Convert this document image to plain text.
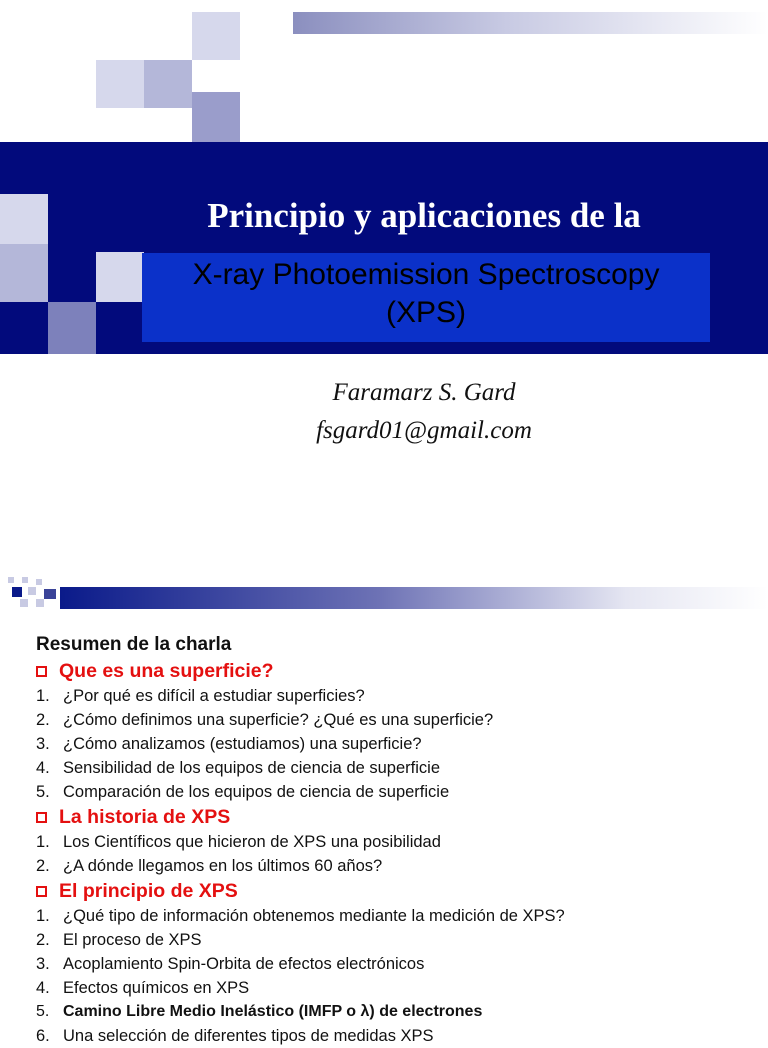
Principio y aplicaciones de la
X-ray Photoemission Spectroscopy
(XPS)
Faramarz S. Gard
fsgard01@gmail.com
Resumen de la charla
Que es una superficie?
1. ¿Por qué es difícil a estudiar superficies?
2. ¿Cómo definimos una superficie? ¿Qué es una superficie?
3. ¿Cómo analizamos (estudiamos) una superficie?
4. Sensibilidad de los equipos de ciencia de superficie
5. Comparación de los equipos de ciencia de superficie
La historia de XPS
1. Los Científicos que hicieron de XPS una posibilidad
2. ¿A dónde llegamos en los últimos 60 años?
El principio de XPS
1. ¿Qué tipo de información obtenemos mediante la medición de XPS?
2. El proceso de XPS
3. Acoplamiento Spin-Orbita de efectos electrónicos
4. Efectos químicos en XPS
5. Camino Libre Medio Inelástico (IMFP o λ) de electrones
6. Una selección de diferentes tipos de medidas XPS
